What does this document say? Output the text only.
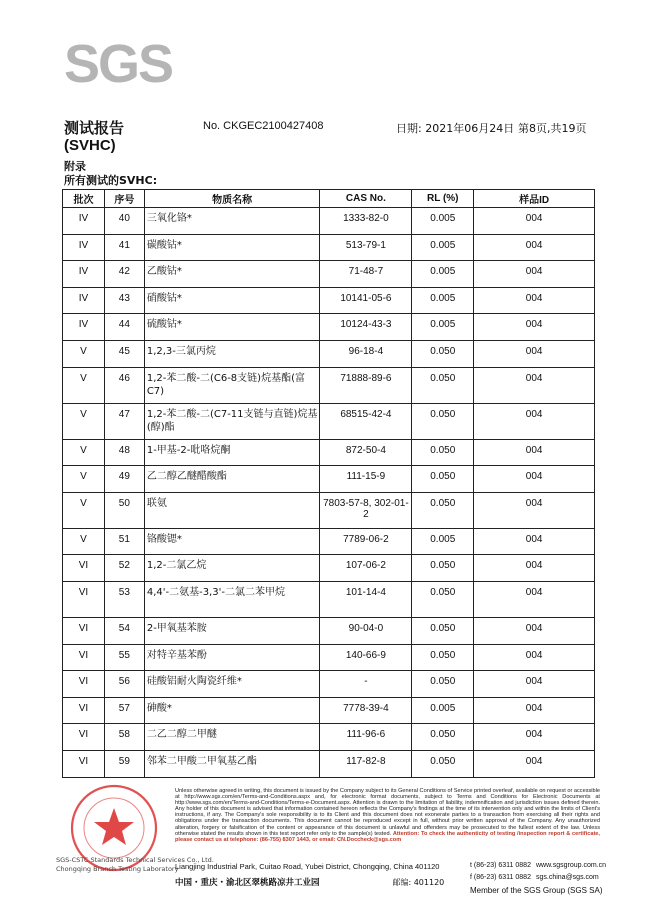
SGS
测试报告	No. CKGEC2100427408	日期: 2021年06月24日 第8页,共19页
(SVHC)
附录
所有测试的SVHC:
批次	序号	物质名称	CAS No.	RL (%)	样品ID
IV	40	三氧化铬*	1333-82-0	0.005	004
IV	41	碳酸钴*	513-79-1	0.005	004
IV	42	乙酸钴*	71-48-7	0.005	004
IV	43	硝酸钴*	10141-05-6	0.005	004
IV	44	硫酸钴*	10124-43-3	0.005	004
V	45	1,2,3-三氯丙烷	96-18-4	0.050	004
V	46	1,2-苯二酸-二(C6-8支链)烷基酯(富C7)	71888-89-6	0.050	004
V	47	1,2-苯二酸-二(C7-11支链与直链)烷基(醇)酯	68515-42-4	0.050	004
V	48	1-甲基-2-吡咯烷酮	872-50-4	0.050	004
V	49	乙二醇乙醚醋酸酯	111-15-9	0.050	004
V	50	联氨	7803-57-8, 302-01-2	0.050	004
V	51	铬酸锶*	7789-06-2	0.005	004
VI	52	1,2-二氯乙烷	107-06-2	0.050	004
VI	53	4,4'-二氨基-3,3'-二氯二苯甲烷	101-14-4	0.050	004
VI	54	2-甲氧基苯胺	90-04-0	0.050	004
VI	55	对特辛基苯酚	140-66-9	0.050	004
VI	56	硅酸铝耐火陶瓷纤维*	-	0.050	004
VI	57	砷酸*	7778-39-4	0.005	004
VI	58	二乙二醇二甲醚	111-96-6	0.050	004
VI	59	邻苯二甲酸二甲氧基乙酯	117-82-8	0.050	004
SGS-CSTC Standards Technical Services Co., Ltd.
Chongqing Branch Testing Laboratory
Unless otherwise agreed in writing, this document is issued by the Company subject to its General Conditions of Service printed overleaf, available on request or accessible at http://www.sgs.com/en/Terms-and-Conditions.aspx and, for electronic format documents, subject to Terms and Conditions for Electronic Documents at http://www.sgs.com/en/Terms-and-Conditions/Terms-e-Document.aspx. Attention is drawn to the limitation of liability, indemnification and jurisdiction issues defined therein. Any holder of this document is advised that information contained hereon reflects the Company's findings at the time of its intervention only and within the limits of Client's instructions, if any. The Company's sole responsibility is to its Client and this document does not exonerate parties to a transaction from exercising all their rights and obligations under the transaction documents. This document cannot be reproduced except in full, without prior written approval of the Company. Any unauthorized alteration, forgery or falsification of the content or appearance of this document is unlawful and offenders may be prosecuted to the fullest extent of the law. Unless otherwise stated the results shown in this test report refer only to the sample(s) tested. Attention: To check the authenticity of testing /inspection report & certificate, please contact us at telephone: (86-755) 8307 1443, or email: CN.Doccheck@sgs.com
Liangjing Industrial Park, Cuitao Road, Yubei District, Chongqing, China 401120
中国・重庆・渝北区翠桃路凉井工业园	邮编: 401120
t (86-23) 6311 0882
f (86-23) 6311 0882
www.sgsgroup.com.cn
sgs.china@sgs.com
Member of the SGS Group (SGS SA)
